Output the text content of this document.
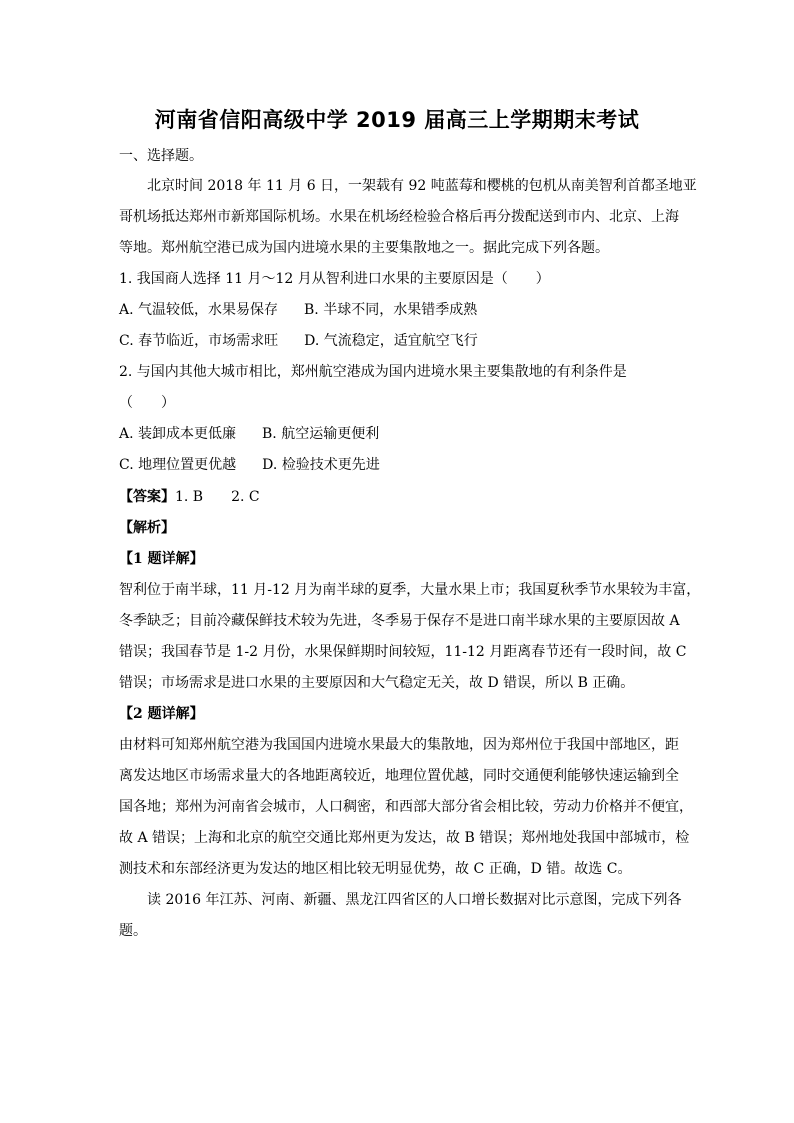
河南省信阳高级中学 2019 届高三上学期期末考试
一、选择题。
北京时间 2018 年 11 月 6 日，一架载有 92 吨蓝莓和樱桃的包机从南美智利首都圣地亚
哥机场抵达郑州市新郑国际机场。水果在机场经检验合格后再分拨配送到市内、北京、上海
等地。郑州航空港已成为国内进境水果的主要集散地之一。据此完成下列各题。
1. 我国商人选择 11 月～12 月从智利进口水果的主要原因是（　　）
A. 气温较低，水果易保存 B. 半球不同，水果错季成熟
C. 春节临近，市场需求旺 D. 气流稳定，适宜航空飞行
2. 与国内其他大城市相比，郑州航空港成为国内进境水果主要集散地的有利条件是
（　　）
A. 装卸成本更低廉 B. 航空运输更便利
C. 地理位置更优越 D. 检验技术更先进
【答案】1. B　　2. C
【解析】
【1 题详解】
智利位于南半球，11 月-12 月为南半球的夏季，大量水果上市；我国夏秋季节水果较为丰富，
冬季缺乏；目前冷藏保鲜技术较为先进，冬季易于保存不是进口南半球水果的主要原因故 A
错误；我国春节是 1-2 月份，水果保鲜期时间较短，11-12 月距离春节还有一段时间，故 C
错误；市场需求是进口水果的主要原因和大气稳定无关，故 D 错误，所以 B 正确。
【2 题详解】
由材料可知郑州航空港为我国国内进境水果最大的集散地，因为郑州位于我国中部地区，距
离发达地区市场需求量大的各地距离较近，地理位置优越，同时交通便利能够快速运输到全
国各地；郑州为河南省会城市，人口稠密，和西部大部分省会相比较，劳动力价格并不便宜，
故 A 错误；上海和北京的航空交通比郑州更为发达，故 B 错误；郑州地处我国中部城市，检
测技术和东部经济更为发达的地区相比较无明显优势，故 C 正确，D 错。故选 C。
读 2016 年江苏、河南、新疆、黑龙江四省区的人口增长数据对比示意图，完成下列各
题。
